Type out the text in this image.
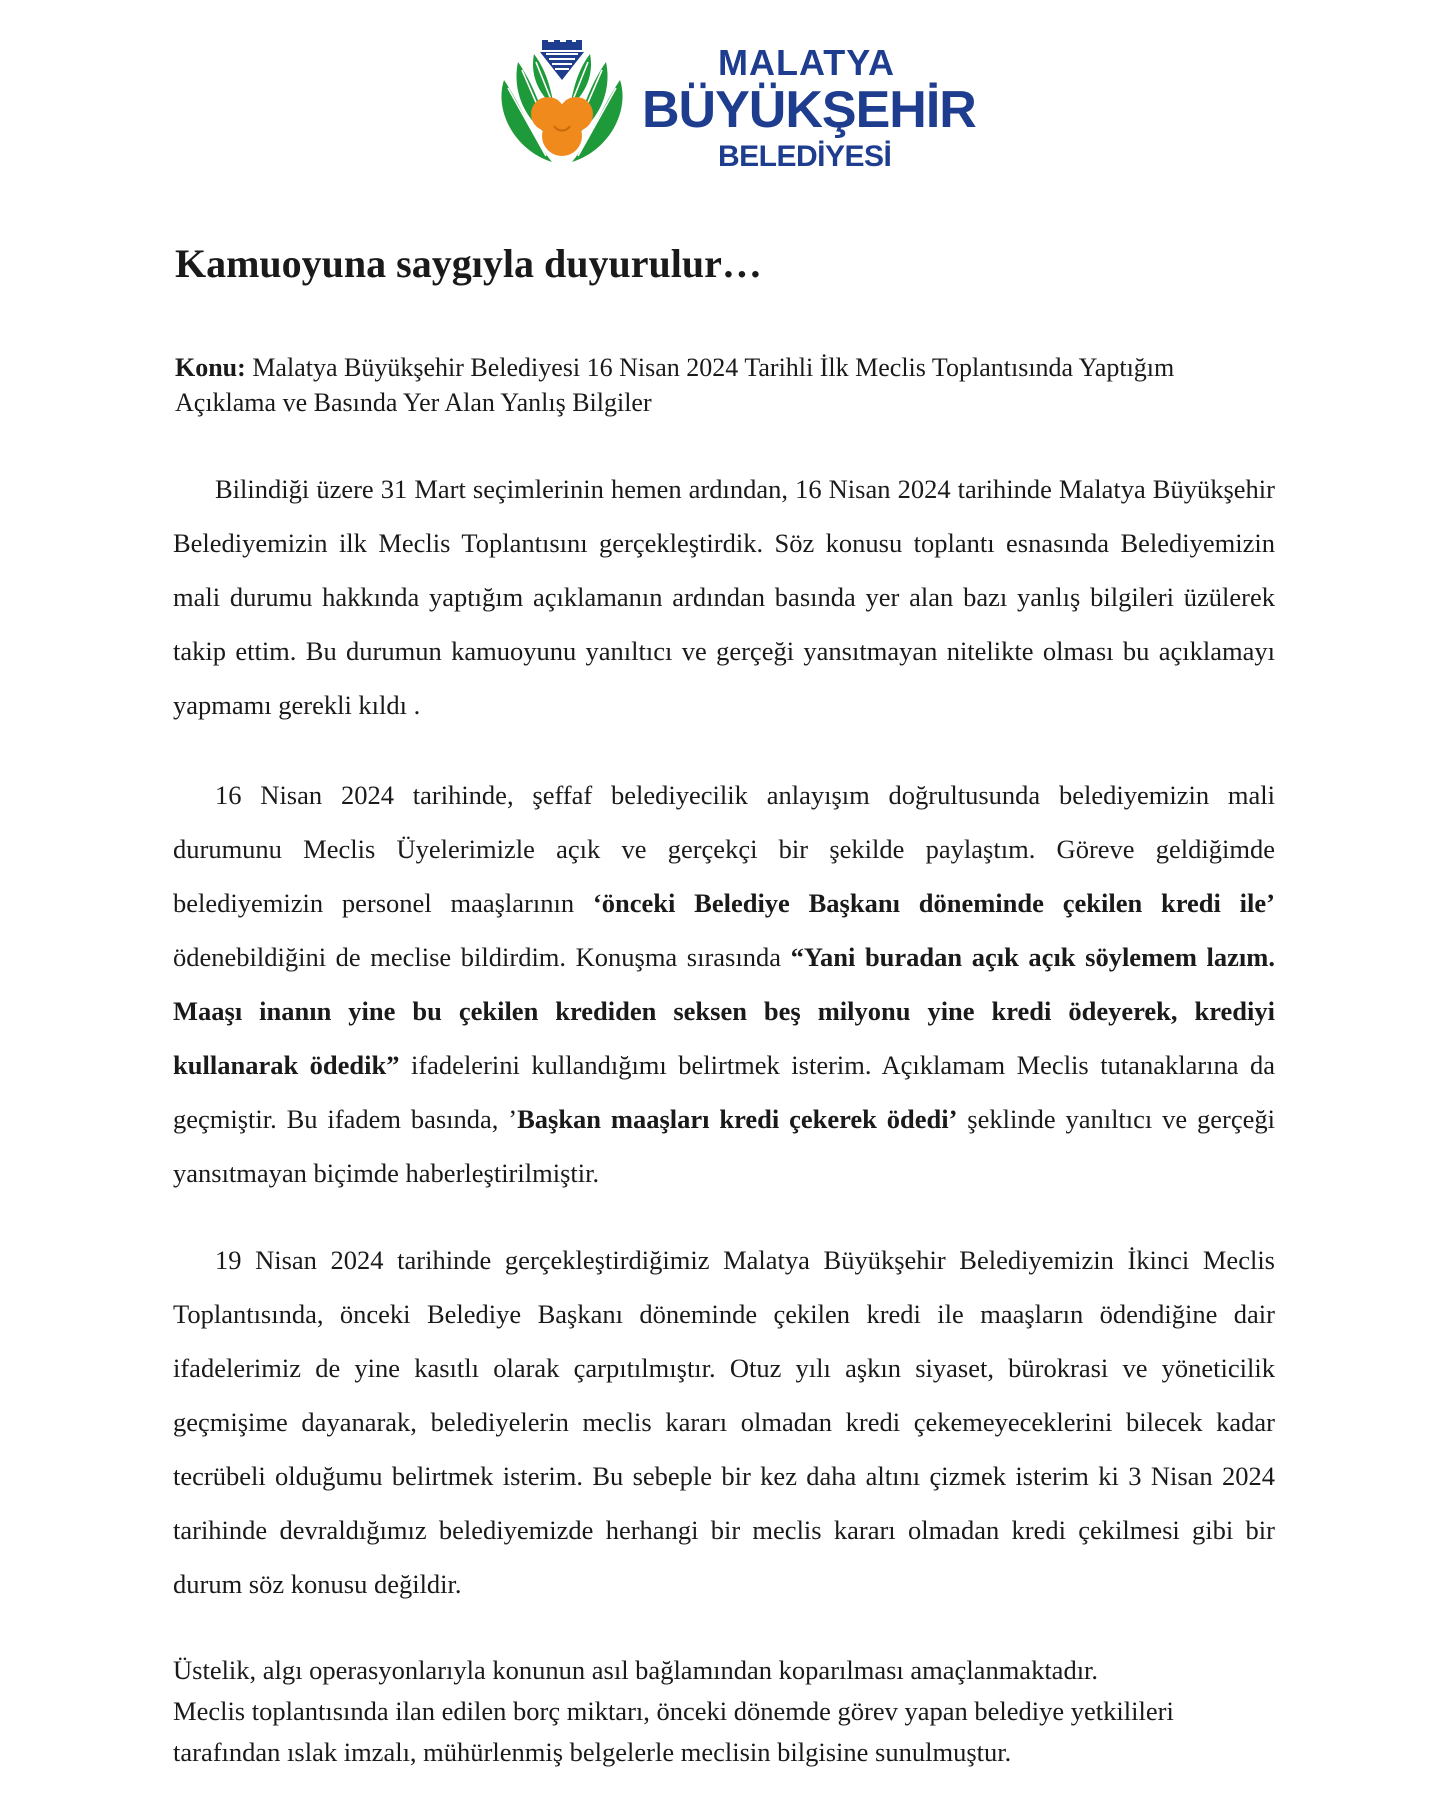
MALATYA
BÜYÜKŞEHİR
BELEDİYESİ
Kamuoyuna saygıyla duyurulur…

Konu: Malatya Büyükşehir Belediyesi 16 Nisan 2024 Tarihli İlk Meclis Toplantısında Yaptığım Açıklama ve Basında Yer Alan Yanlış Bilgiler

Bilindiği üzere 31 Mart seçimlerinin hemen ardından, 16 Nisan 2024 tarihinde Malatya Büyükşehir Belediyemizin ilk Meclis Toplantısını gerçekleştirdik. Söz konusu toplantı esnasında Belediyemizin mali durumu hakkında yaptığım açıklamanın ardından basında yer alan bazı yanlış bilgileri üzülerek takip ettim. Bu durumun kamuoyunu yanıltıcı ve gerçeği yansıtmayan nitelikte olması bu açıklamayı yapmamı gerekli kıldı .

16 Nisan 2024 tarihinde, şeffaf belediyecilik anlayışım doğrultusunda belediyemizin mali durumunu Meclis Üyelerimizle açık ve gerçekçi bir şekilde paylaştım. Göreve geldiğimde belediyemizin personel maaşlarının ‘önceki Belediye Başkanı döneminde çekilen kredi ile’ ödenebildiğini de meclise bildirdim. Konuşma sırasında “Yani buradan açık açık söylemem lazım. Maaşı inanın yine bu çekilen krediden seksen beş milyonu yine kredi ödeyerek, krediyi kullanarak ödedik” ifadelerini kullandığımı belirtmek isterim. Açıklamam Meclis tutanaklarına da geçmiştir. Bu ifadem basında, ’Başkan maaşları kredi çekerek ödedi’ şeklinde yanıltıcı ve gerçeği yansıtmayan biçimde haberleştirilmiştir.

19 Nisan 2024 tarihinde gerçekleştirdiğimiz Malatya Büyükşehir Belediyemizin İkinci Meclis Toplantısında, önceki Belediye Başkanı döneminde çekilen kredi ile maaşların ödendiğine dair ifadelerimiz de yine kasıtlı olarak çarpıtılmıştır. Otuz yılı aşkın siyaset, bürokrasi ve yöneticilik geçmişime dayanarak, belediyelerin meclis kararı olmadan kredi çekemeyeceklerini bilecek kadar tecrübeli olduğumu belirtmek isterim. Bu sebeple bir kez daha altını çizmek isterim ki 3 Nisan 2024 tarihinde devraldığımız belediyemizde herhangi bir meclis kararı olmadan kredi çekilmesi gibi bir durum söz konusu değildir.

Üstelik, algı operasyonlarıyla konunun asıl bağlamından koparılması amaçlanmaktadır.
Meclis toplantısında ilan edilen borç miktarı, önceki dönemde görev yapan belediye yetkilileri tarafından ıslak imzalı, mühürlenmiş belgelerle meclisin bilgisine sunulmuştur.
